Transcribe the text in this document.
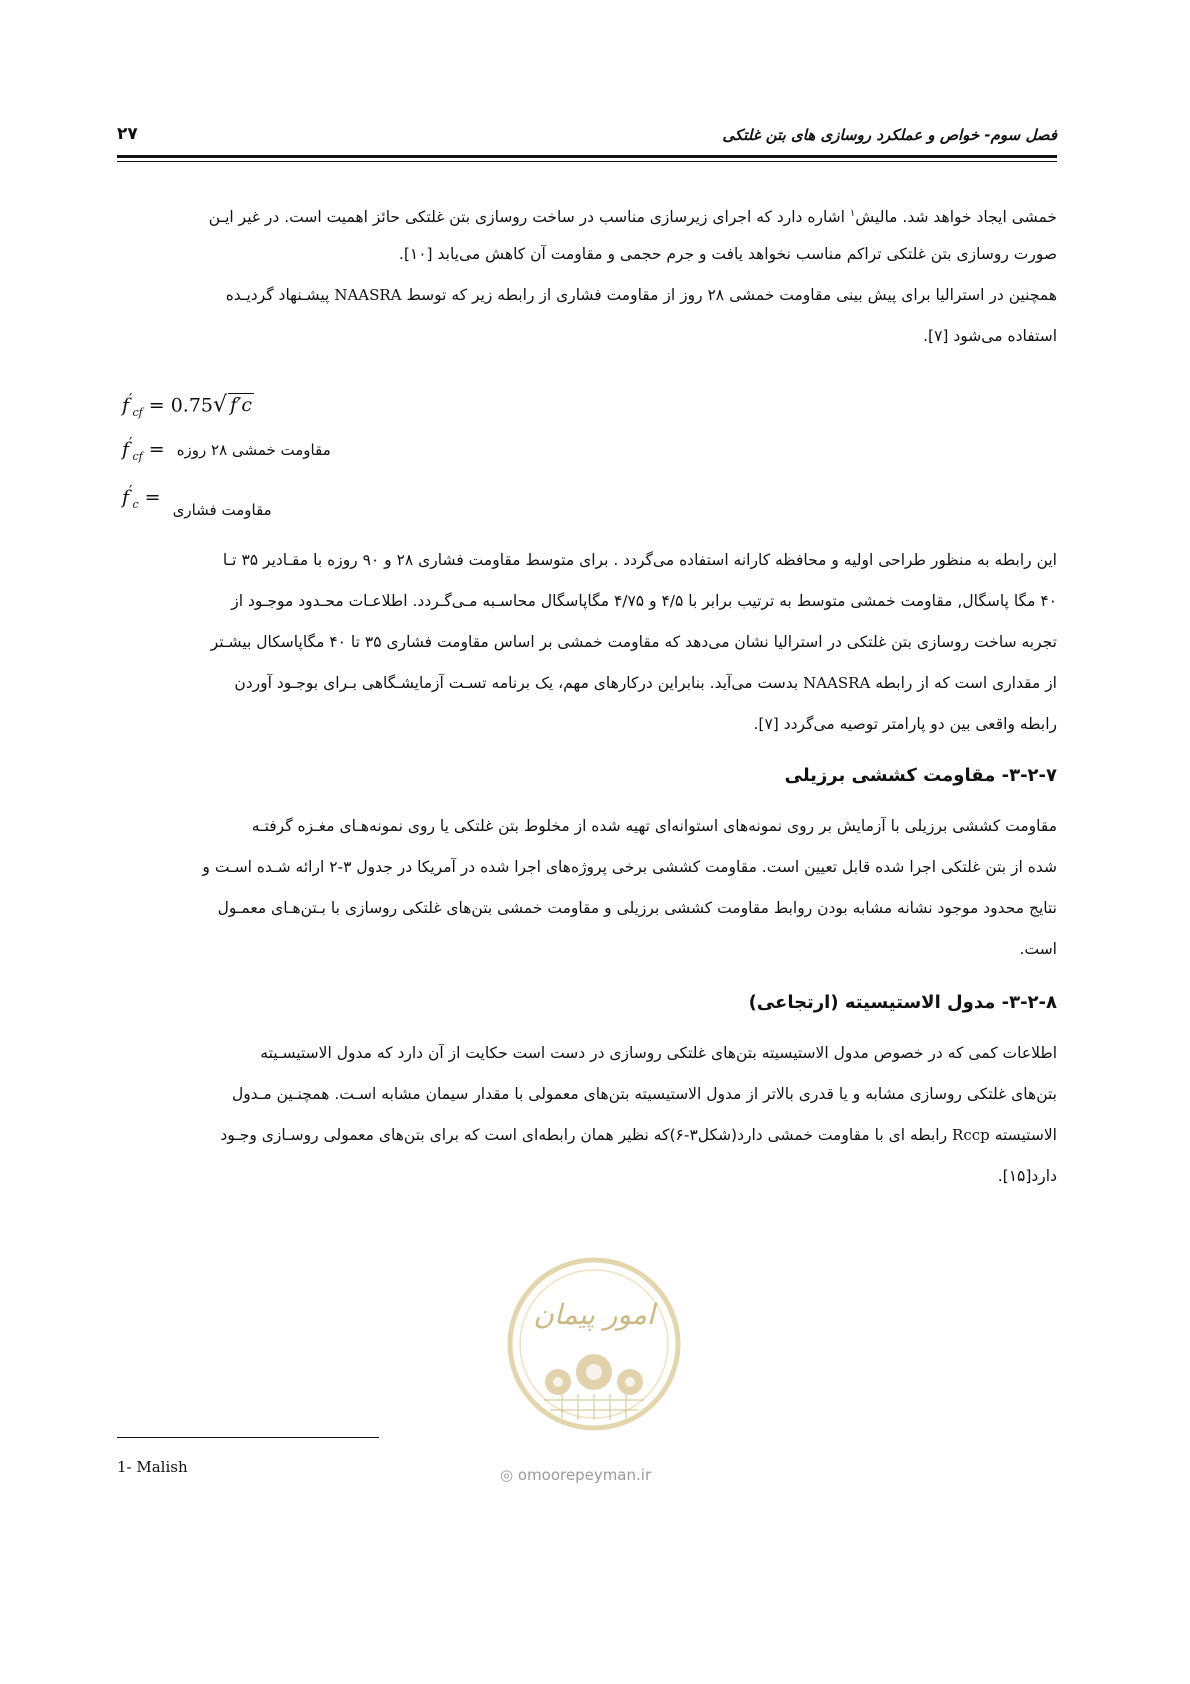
فصل سوم- خواص و عملکرد روسازی های بتن غلتکی
۲۷
خمشی ایجاد خواهد شد. مالیش$^۱$ اشاره دارد که اجرای زیرسازی مناسب در ساخت روسازی بتن غلتکی حائز اهمیت است. در غیر ایـن
صورت روسازی بتن غلتکی تراکم مناسب نخواهد یافت و جرم حجمی و مقاومت آن کاهش می‌یابد [۱۰].
همچنین در استرالیا برای پیش بینی مقاومت خمشی ۲۸ روز از مقاومت فشاری از رابطه زیر که توسط NAASRA پیشـنهاد گردیـده
استفاده می‌شود [۷].
$f'_{cf} = 0.75√$ f′c
$f'_{cf}$ = مقاومت خمشی ۲۸ روزه
$f'_c$ = مقاومت فشاری
این رابطه به منظور طراحی اولیه و محافظه کارانه استفاده می‌گردد . برای متوسط مقاومت فشاری ۲۸ و ۹۰ روزه با مقـادیر ۳۵ تـا
۴۰ مگا پاسگال, مقاومت خمشی متوسط به ترتیب برابر با ۴/۵ و ۴/۷۵ مگاپاسگال محاسـبه مـی‌گـردد. اطلاعـات محـدود موجـود از
تجربه ساخت روسازی بتن غلتکی در استرالیا نشان می‌دهد که مقاومت خمشی بر اساس مقاومت فشاری ۳۵ تا ۴۰ مگاپاسکال بیشـتر
از مقداری است که از رابطه NAASRA بدست می‌آید. بنابراین درکارهای مهم، یک برنامه تسـت آزمایشـگاهی بـرای بوجـود آوردن
رابطه واقعی بین دو پارامتر توصیه می‌گردد [۷].
۳-۲-۷- مقاومت کششی برزیلی
مقاومت کششی برزیلی با آزمایش بر روی نمونه‌های استوانه‌ای تهیه شده از مخلوط بتن غلتکی یا روی نمونه‌هـای مغـزه گرفتـه
شده از بتن غلتکی اجرا شده قابل تعیین است. مقاومت کششی برخی پروژه‌های اجرا شده در آمریکا در جدول ۳-۲ ارائه شـده اسـت و
نتایج محدود موجود نشانه مشابه بودن روابط مقاومت کششی برزیلی و مقاومت خمشی بتن‌های غلتکی روسازی با بـتن‌هـای معمـول
است.
۳-۲-۸- مدول الاستیسیته (ارتجاعی)
اطلاعات کمی که در خصوص مدول الاستیسیته بتن‌های غلتکی روسازی در دست است حکایت از آن دارد که مدول الاستیسـیته
بتن‌های غلتکی روسازی مشابه و یا قدری بالاتر از مدول الاستیسیته بتن‌های معمولی با مقدار سیمان مشابه اسـت. همچنـین مـدول
الاستیسته Rccp رابطه ای با مقاومت خمشی دارد(شکل۳-۶)که نظیر همان رابطه‌ای است که برای بتن‌های معمولی روسـازی وجـود
دارد[۱۵].
امور پیمان
◎ omoorepeyman.ir
1- Malish
